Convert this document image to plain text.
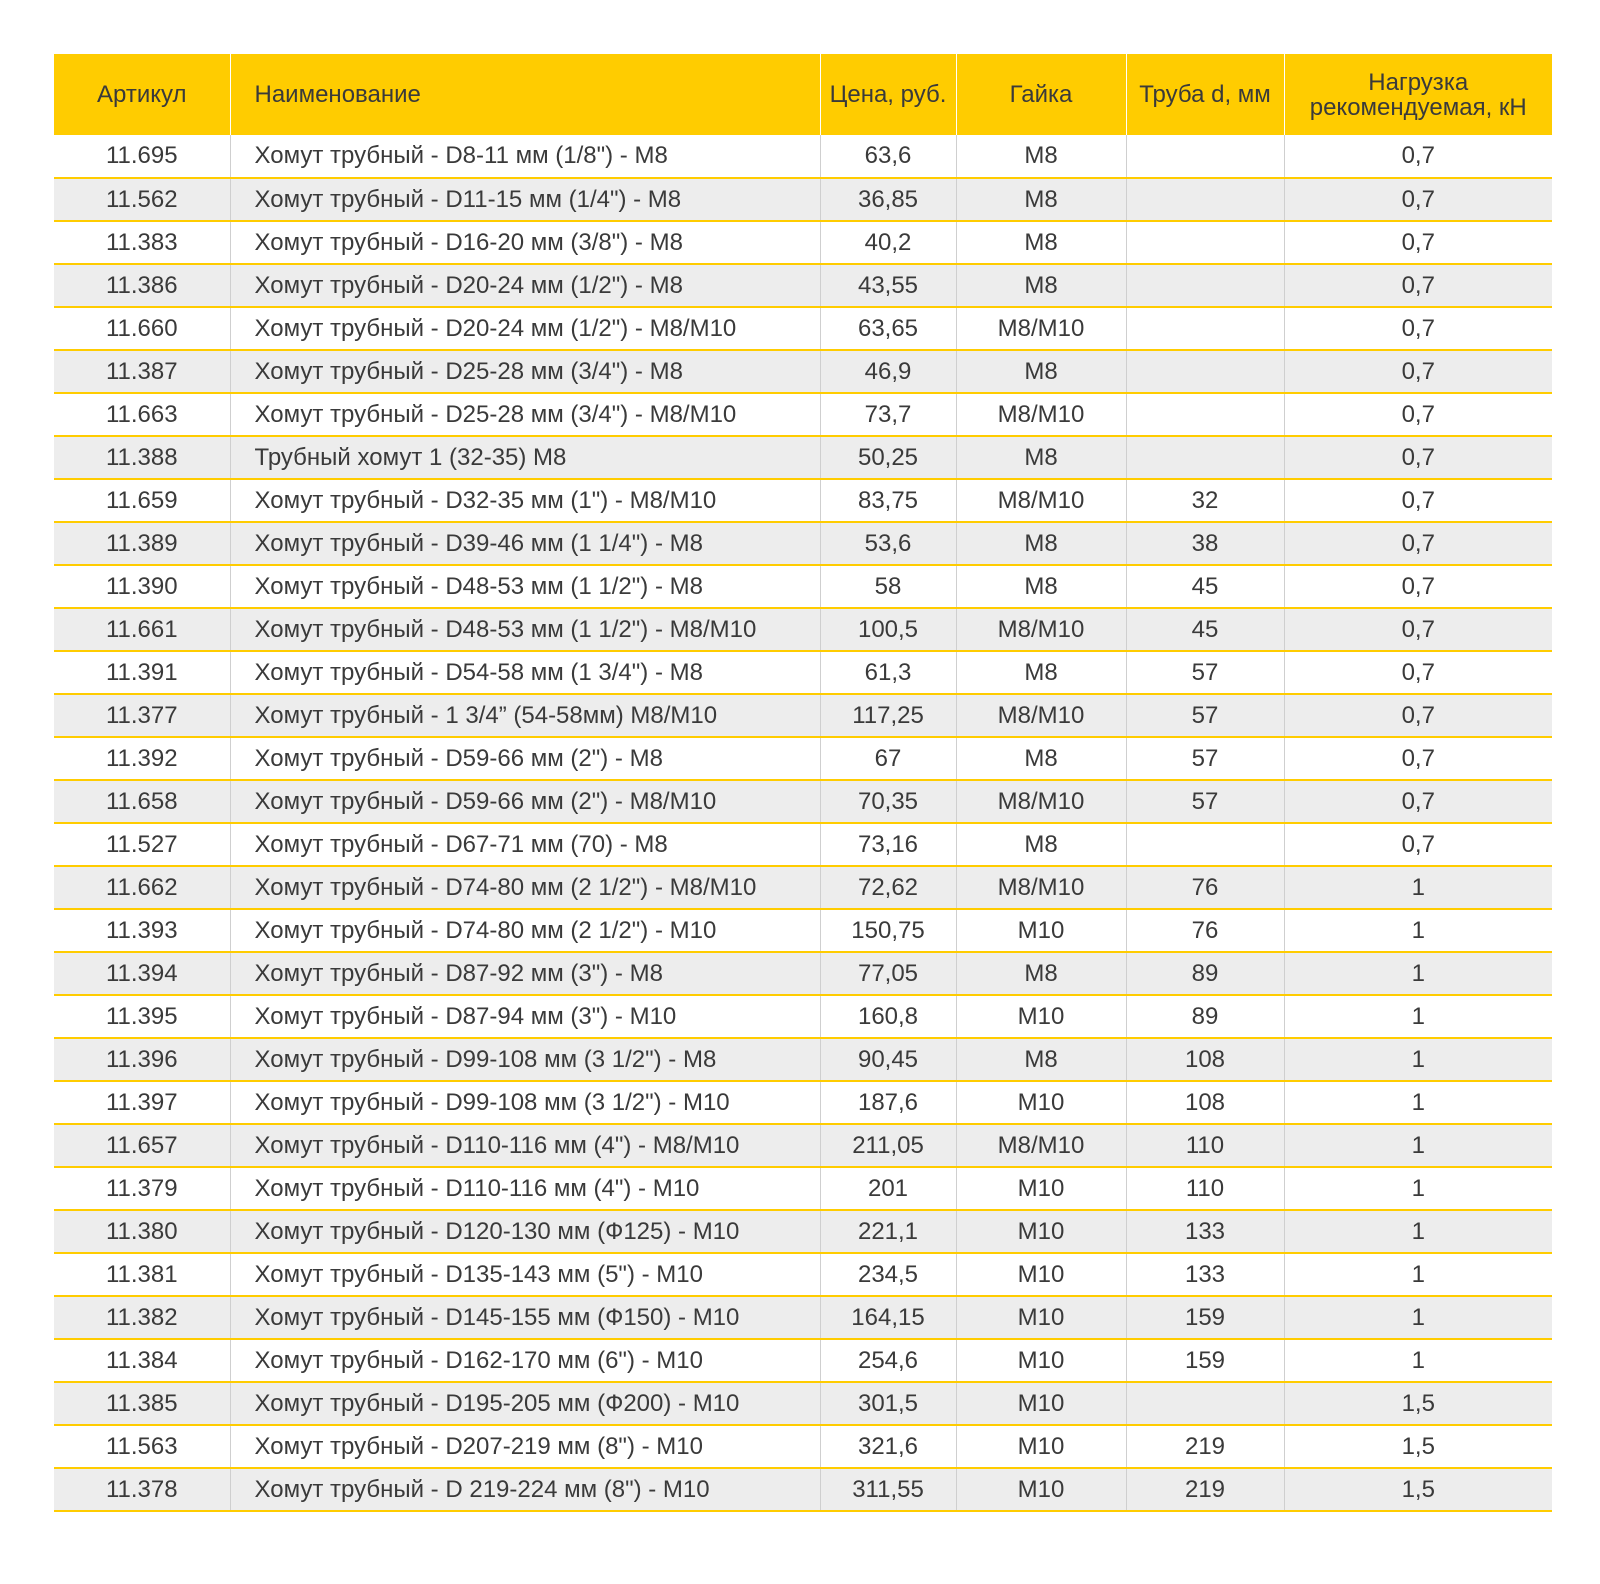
Артикул	Наименование	Цена, руб.	Гайка	Труба d, мм	Нагрузка рекомендуемая, кН
11.695	Хомут трубный - D8-11 мм (1/8") - М8	63,6	М8		0,7
11.562	Хомут трубный - D11-15 мм (1/4") - М8	36,85	М8		0,7
11.383	Хомут трубный - D16-20 мм (3/8") - М8	40,2	М8		0,7
11.386	Хомут трубный - D20-24 мм (1/2") - М8	43,55	М8		0,7
11.660	Хомут трубный - D20-24 мм (1/2") - М8/М10	63,65	М8/М10		0,7
11.387	Хомут трубный - D25-28 мм (3/4") - М8	46,9	М8		0,7
11.663	Хомут трубный - D25-28 мм (3/4") - М8/М10	73,7	М8/М10		0,7
11.388	Трубный хомут 1 (32-35) М8	50,25	М8		0,7
11.659	Хомут трубный - D32-35 мм (1") - М8/М10	83,75	М8/М10	32	0,7
11.389	Хомут трубный - D39-46 мм (1 1/4") - М8	53,6	М8	38	0,7
11.390	Хомут трубный - D48-53 мм (1 1/2") - М8	58	М8	45	0,7
11.661	Хомут трубный - D48-53 мм (1 1/2") - М8/М10	100,5	М8/М10	45	0,7
11.391	Хомут трубный - D54-58 мм (1 3/4") - М8	61,3	М8	57	0,7
11.377	Хомут трубный - 1 3/4” (54-58мм) М8/М10	117,25	М8/М10	57	0,7
11.392	Хомут трубный - D59-66 мм (2") - М8	67	М8	57	0,7
11.658	Хомут трубный - D59-66 мм (2") - М8/М10	70,35	М8/М10	57	0,7
11.527	Хомут трубный - D67-71 мм (70) - М8	73,16	М8		0,7
11.662	Хомут трубный - D74-80 мм (2 1/2") - М8/М10	72,62	М8/М10	76	1
11.393	Хомут трубный - D74-80 мм (2 1/2") - М10	150,75	М10	76	1
11.394	Хомут трубный - D87-92 мм (3") - М8	77,05	М8	89	1
11.395	Хомут трубный - D87-94 мм (3") - М10	160,8	М10	89	1
11.396	Хомут трубный - D99-108 мм (3 1/2") - М8	90,45	М8	108	1
11.397	Хомут трубный - D99-108 мм (3 1/2") - М10	187,6	М10	108	1
11.657	Хомут трубный - D110-116 мм (4") - М8/М10	211,05	М8/М10	110	1
11.379	Хомут трубный - D110-116 мм (4") - М10	201	М10	110	1
11.380	Хомут трубный - D120-130 мм (Ф125) - М10	221,1	М10	133	1
11.381	Хомут трубный - D135-143 мм (5") - М10	234,5	М10	133	1
11.382	Хомут трубный - D145-155 мм (Ф150) - М10	164,15	М10	159	1
11.384	Хомут трубный - D162-170 мм (6") - М10	254,6	М10	159	1
11.385	Хомут трубный - D195-205 мм (Ф200) - М10	301,5	М10		1,5
11.563	Хомут трубный - D207-219 мм (8") - М10	321,6	М10	219	1,5
11.378	Хомут трубный - D 219-224 мм (8") - М10	311,55	М10	219	1,5
